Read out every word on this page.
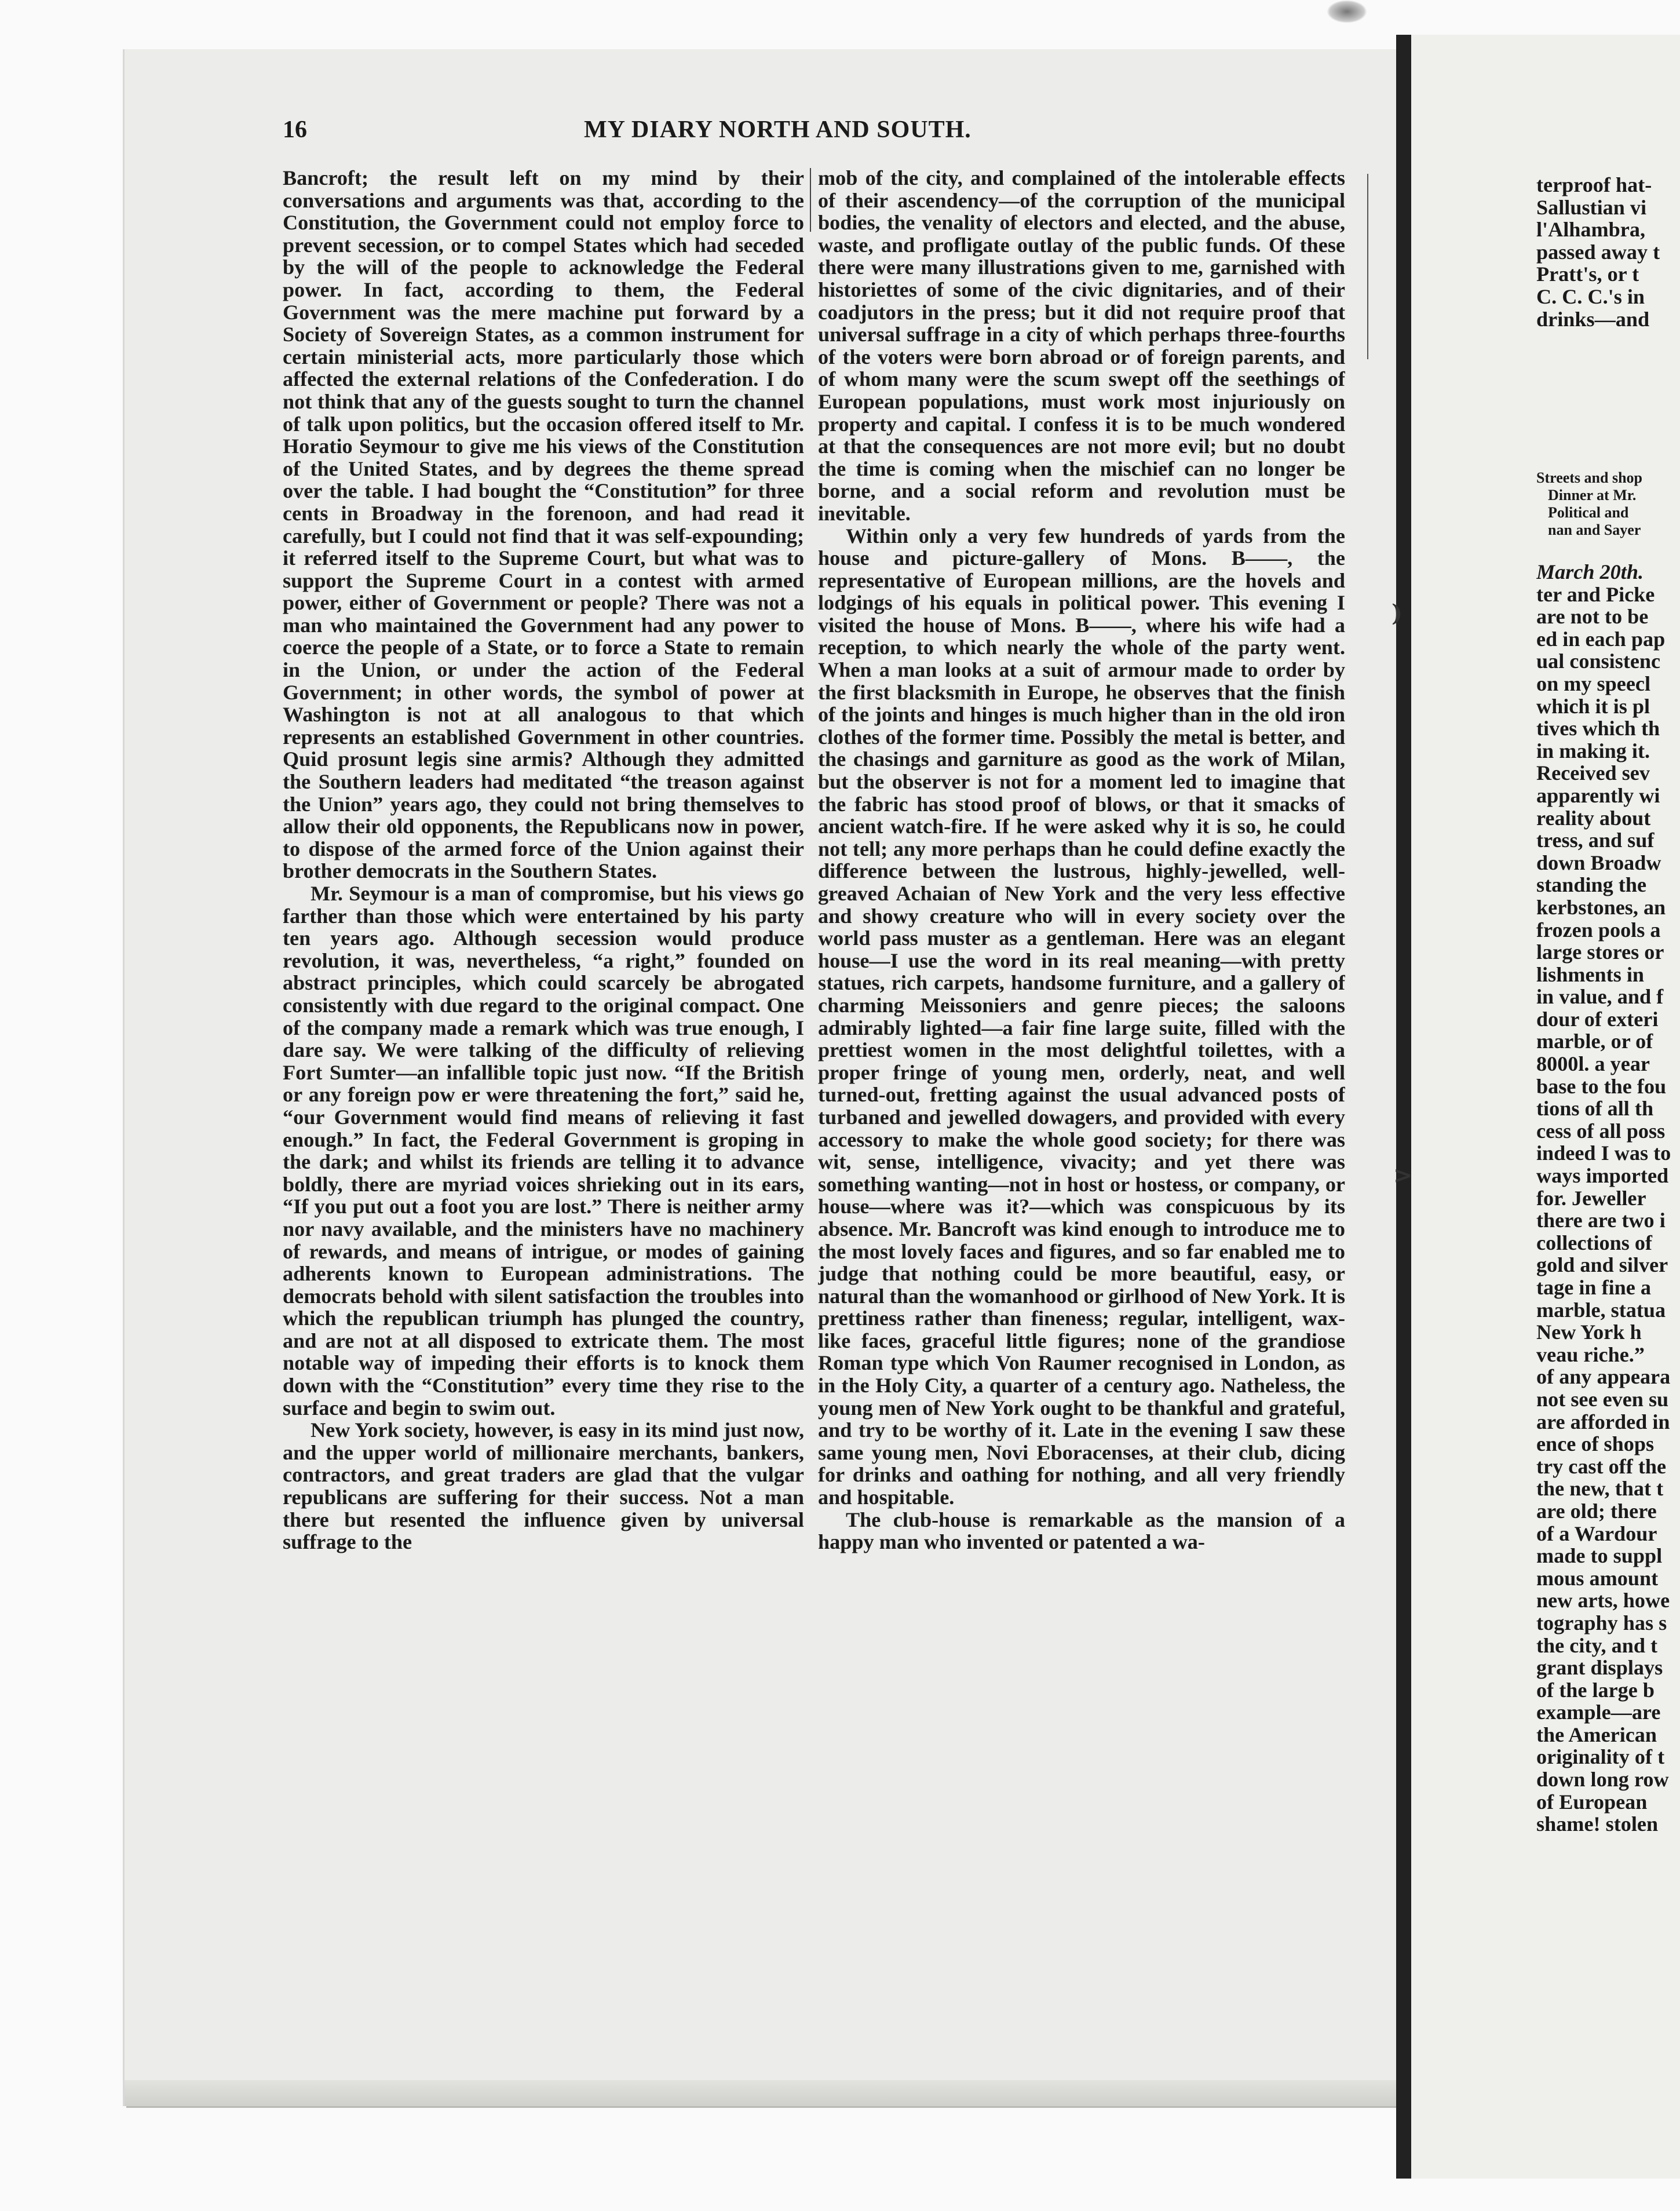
16	MY DIARY NORTH AND SOUTH.

Bancroft; the result left on my mind by their conversations and arguments was that, according to the Constitution, the Government could not employ force to prevent secession, or to compel States which had seceded by the will of the people to acknowledge the Federal power. In fact, according to them, the Federal Government was the mere machine put forward by a Society of Sovereign States, as a common instrument for certain ministerial acts, more particularly those which affected the external relations of the Confederation. I do not think that any of the guests sought to turn the channel of talk upon politics, but the occasion offered itself to Mr. Horatio Seymour to give me his views of the Constitution of the United States, and by degrees the theme spread over the table. I had bought the “Constitution” for three cents in Broadway in the forenoon, and had read it carefully, but I could not find that it was self-expounding; it referred itself to the Supreme Court, but what was to support the Supreme Court in a contest with armed power, either of Government or people? There was not a man who maintained the Government had any power to coerce the people of a State, or to force a State to remain in the Union, or under the action of the Federal Government; in other words, the symbol of power at Washington is not at all analogous to that which represents an established Government in other countries. Quid prosunt legis sine armis? Although they admitted the Southern leaders had meditated “the treason against the Union” years ago, they could not bring themselves to allow their old opponents, the Republicans now in power, to dispose of the armed force of the Union against their brother democrats in the Southern States.

Mr. Seymour is a man of compromise, but his views go farther than those which were entertained by his party ten years ago. Although secession would produce revolution, it was, nevertheless, “a right,” founded on abstract principles, which could scarcely be abrogated consistently with due regard to the original compact. One of the company made a remark which was true enough, I dare say. We were talking of the difficulty of relieving Fort Sumter—an infallible topic just now. “If the British or any foreign pow er were threatening the fort,” said he, “our Government would find means of relieving it fast enough.” In fact, the Federal Government is groping in the dark; and whilst its friends are telling it to advance boldly, there are myriad voices shrieking out in its ears, “If you put out a foot you are lost.” There is neither army nor navy available, and the ministers have no machinery of rewards, and means of intrigue, or modes of gaining adherents known to European administrations. The democrats behold with silent satisfaction the troubles into which the republican triumph has plunged the country, and are not at all disposed to extricate them. The most notable way of impeding their efforts is to knock them down with the “Constitution” every time they rise to the surface and begin to swim out.

New York society, however, is easy in its mind just now, and the upper world of millionaire merchants, bankers, contractors, and great traders are glad that the vulgar republicans are suffering for their success. Not a man there but resented the influence given by universal suffrage to the

mob of the city, and complained of the intolerable effects of their ascendency—of the corruption of the municipal bodies, the venality of electors and elected, and the abuse, waste, and profligate outlay of the public funds. Of these there were many illustrations given to me, garnished with historiettes of some of the civic dignitaries, and of their coadjutors in the press; but it did not require proof that universal suffrage in a city of which perhaps three-fourths of the voters were born abroad or of foreign parents, and of whom many were the scum swept off the seethings of European populations, must work most injuriously on property and capital. I confess it is to be much wondered at that the consequences are not more evil; but no doubt the time is coming when the mischief can no longer be borne, and a social reform and revolution must be inevitable.

Within only a very few hundreds of yards from the house and picture-gallery of Mons. B——, the representative of European millions, are the hovels and lodgings of his equals in political power. This evening I visited the house of Mons. B——, where his wife had a reception, to which nearly the whole of the party went. When a man looks at a suit of armour made to order by the first blacksmith in Europe, he observes that the finish of the joints and hinges is much higher than in the old iron clothes of the former time. Possibly the metal is better, and the chasings and garniture as good as the work of Milan, but the observer is not for a moment led to imagine that the fabric has stood proof of blows, or that it smacks of ancient watch-fire. If he were asked why it is so, he could not tell; any more perhaps than he could define exactly the difference between the lustrous, highly-jewelled, well-greaved Achaian of New York and the very less effective and showy creature who will in every society over the world pass muster as a gentleman. Here was an elegant house—I use the word in its real meaning—with pretty statues, rich carpets, handsome furniture, and a gallery of charming Meissoniers and genre pieces; the saloons admirably lighted—a fair fine large suite, filled with the prettiest women in the most delightful toilettes, with a proper fringe of young men, orderly, neat, and well turned-out, fretting against the usual advanced posts of turbaned and jewelled dowagers, and provided with every accessory to make the whole good society; for there was wit, sense, intelligence, vivacity; and yet there was something wanting—not in host or hostess, or company, or house—where was it?—which was conspicuous by its absence. Mr. Bancroft was kind enough to introduce me to the most lovely faces and figures, and so far enabled me to judge that nothing could be more beautiful, easy, or natural than the womanhood or girlhood of New York. It is prettiness rather than fineness; regular, intelligent, wax-like faces, graceful little figures; none of the grandiose Roman type which Von Raumer recognised in London, as in the Holy City, a quarter of a century ago. Natheless, the young men of New York ought to be thankful and grateful, and try to be worthy of it. Late in the evening I saw these same young men, Novi Eboracenses, at their club, dicing for drinks and oathing for nothing, and all very friendly and hospitable.

The club-house is remarkable as the mansion of a happy man who invented or patented a wa-

)
>
terproof hat-
Sallustian vi
l'Alhambra,
passed away t
Pratt's, or t
C. C. C.'s in
drinks—and
Streets and shop
Dinner at Mr.
Political and
nan and Sayer
March 20th.
ter and Picke
are not to be
ed in each pap
ual consistenc
on my speecl
which it is pl
tives which th
in making it.
Received sev
apparently wi
reality about
tress, and suf
down Broadw
standing the
kerbstones, an
frozen pools a
large stores or
lishments in
in value, and f
dour of exteri
marble, or of
8000l. a year
base to the fou
tions of all th
cess of all poss
indeed I was to
ways imported
for. Jeweller
there are two i
collections of
gold and silver
tage in fine a
marble, statua
New York h
veau riche.”
of any appeara
not see even su
are afforded in
ence of shops
try cast off the
the new, that t
are old; there
of a Wardour
made to suppl
mous amount
new arts, howe
tography has s
the city, and t
grant displays
of the large b
example—are
the American
originality of t
down long row
of European
shame! stolen
